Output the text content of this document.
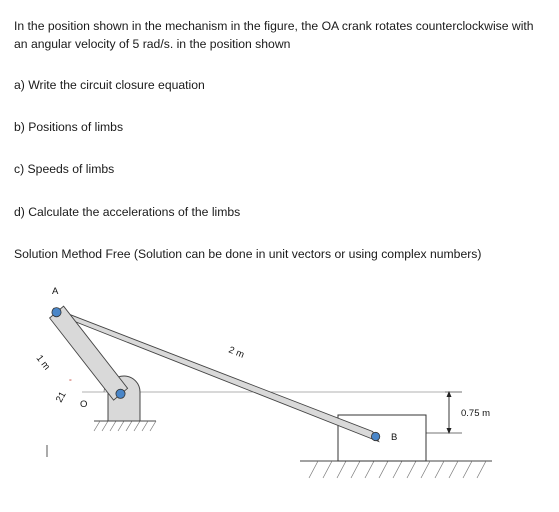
In the position shown in the mechanism in the figure, the OA crank rotates counterclockwise with an angular velocity of 5 rad/s. in the position shown
a) Write the circuit closure equation
b) Positions of limbs
c) Speeds of limbs
d) Calculate the accelerations of the limbs
Solution Method Free (Solution can be done in unit vectors or using complex numbers)
0.75 m
A
O
B
1 m
2 m
21
°
